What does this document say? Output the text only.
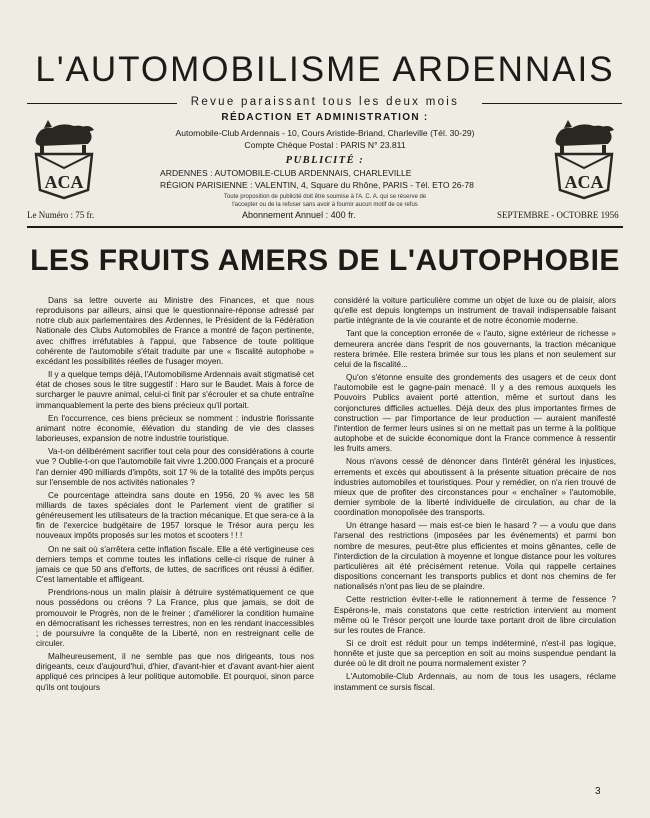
L'AUTOMOBILISME ARDENNAIS
Revue paraissant tous les deux mois
ACA	ACA
RÉDACTION ET ADMINISTRATION :
Automobile-Club Ardennais - 10, Cours Aristide-Briand, Charleville (Tél. 30-29)
Compte Chèque Postal : PARIS N° 23.811
PUBLICITÉ :
ARDENNES : AUTOMOBILE-CLUB ARDENNAIS, CHARLEVILLE
RÉGION PARISIENNE : VALENTIN, 4, Square du Rhône, PARIS - Tél. ETO 26-78
Toute proposition de publicité doit être soumise à l'A. C. A. qui se réserve de
l'accepter ou de la refuser sans avoir à fournir aucun motif de ce refus
Le Numéro : 75 fr.	Abonnement Annuel : 400 fr.	SEPTEMBRE - OCTOBRE 1956
LES FRUITS AMERS DE L'AUTOPHOBIE

Dans sa lettre ouverte au Ministre des Finances, et que nous reproduisons par ailleurs, ainsi que le questionnaire-réponse adressé par notre club aux parlementaires des Ardennes, le Président de la Fédération Nationale des Clubs Automobiles de France a montré de façon pertinente, avec chiffres irréfutables à l'appui, que l'absence de toute politique cohérente de l'automobile s'était traduite par une « fiscalité autophobe » excédant les possibilités réelles de l'usager moyen.

Il y a quelque temps déjà, l'Automobilisme Ardennais avait stigmatisé cet état de choses sous le titre suggestif : Haro sur le Baudet. Mais à force de surcharger le pauvre animal, celui-ci finit par s'écrouler et sa chute entraîne immanquablement la perte des biens précieux qu'il portait.

En l'occurrence, ces biens précieux se nomment : industrie florissante animant notre économie, élévation du standing de vie des classes laborieuses, expansion de notre industrie touristique.

Va-t-on délibérément sacrifier tout cela pour des considérations à courte vue ? Oublie-t-on que l'automobile fait vivre 1.200.000 Français et a procuré l'an dernier 490 milliards d'impôts, soit 17 % de la totalité des impôts perçus sur l'ensemble de nos activités nationales ?

Ce pourcentage atteindra sans doute en 1956, 20 % avec les 58 milliards de taxes spéciales dont le Parlement vient de gratifier si généreusement les utilisateurs de la traction mécanique. Et que sera-ce à la fin de l'exercice budgétaire de 1957 lorsque le Trésor aura perçu les nouveaux impôts proposés sur les motos et scooters ! ! !

On ne sait où s'arrêtera cette inflation fiscale. Elle a été vertigineuse ces derniers temps et comme toutes les inflations celle-ci risque de ruiner à jamais ce que 50 ans d'efforts, de luttes, de sacrifices ont réussi à édifier. C'est lamentable et affligeant.

Prendrions-nous un malin plaisir à détruire systématiquement ce que nous possédons ou créons ? La France, plus que jamais, se doit de promouvoir le Progrès, non de le freiner ; d'améliorer la condition humaine en démocratisant les richesses terrestres, non en les rendant inaccessibles ; de poursuivre la conquête de la Liberté, non en restreignant celle de circuler.

Malheureusement, il ne semble pas que nos dirigeants, tous nos dirigeants, ceux d'aujourd'hui, d'hier, d'avant-hier et d'avant avant-hier aient appliqué ces principes à leur politique automobile. Et pourquoi, sinon parce qu'ils ont toujours

considéré la voiture particulière comme un objet de luxe ou de plaisir, alors qu'elle est depuis longtemps un instrument de travail indispensable faisant partie intégrante de la vie courante et de notre économie moderne.

Tant que la conception erronée de « l'auto, signe extérieur de richesse » demeurera ancrée dans l'esprit de nos gouvernants, la traction mécanique restera brimée. Elle restera brimée sur tous les plans et non seulement sur celui de la fiscalité...

Qu'on s'étonne ensuite des grondements des usagers et de ceux dont l'automobile est le gagne-pain menacé. Il y a des remous auxquels les Pouvoirs Publics avaient porté attention, même et surtout dans les conjonctures difficiles actuelles. Déjà deux des plus importantes firmes de construction — par l'importance de leur production — auraient manifesté l'intention de fermer leurs usines si on ne mettait pas un terme à la politique autophobe et de suicide économique dont la France commence à ressentir les fruits amers.

Nous n'avons cessé de dénoncer dans l'intérêt général les injustices, errements et excès qui aboutissent à la présente situation précaire de nos industries automobiles et touristiques. Pour y remédier, on n'a rien trouvé de mieux que de profiter des circonstances pour « enchaîner » l'automobile, dernier symbole de la liberté individuelle de circulation, au char de la coordination monopolisée des transports.

Un étrange hasard — mais est-ce bien le hasard ? — a voulu que dans l'arsenal des restrictions (imposées par les événements) et parmi bon nombre de mesures, peut-être plus efficientes et moins gênantes, celle de l'interdiction de la circulation à moyenne et longue distance pour les voitures particulières ait été précisément retenue. Voila qui rappelle certaines dispositions concernant les transports publics et dont nos chemins de fer nationalisés n'ont pas lieu de se plaindre.

Cette restriction éviter-t-elle le rationnement à terme de l'essence ? Espérons-le, mais constatons que cette restriction intervient au moment même où le Trésor perçoit une lourde taxe portant droit de libre circulation sur les routes de France.

Si ce droit est réduit pour un temps indéterminé, n'est-il pas logique, honnête et juste que sa perception en soit au moins suspendue pendant la durée où le dit droit ne pourra normalement exister ?

L'Automobile-Club Ardennais, au nom de tous les usagers, réclame instamment ce sursis fiscal.

3
